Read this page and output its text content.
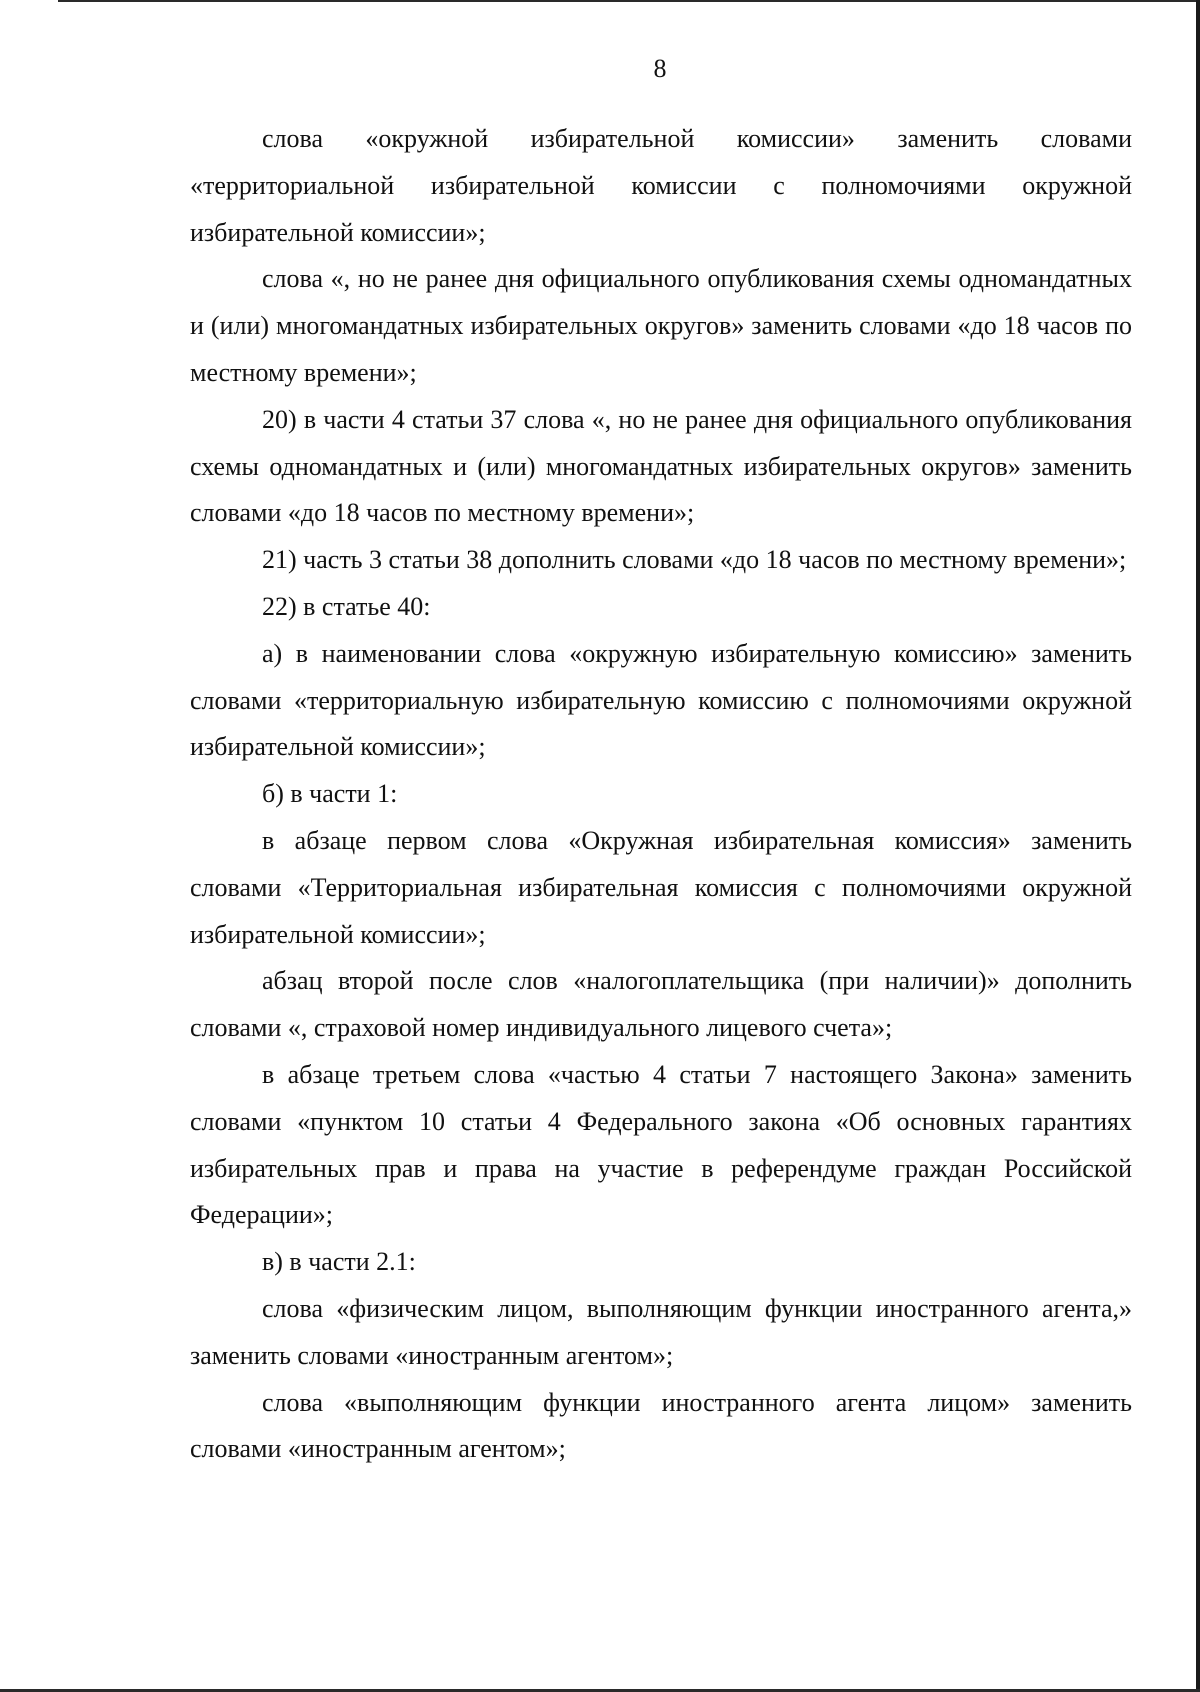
8

слова «окружной избирательной комиссии» заменить словами «территориальной избирательной комиссии с полномочиями окружной избирательной комиссии»;

слова «, но не ранее дня официального опубликования схемы одномандатных и (или) многомандатных избирательных округов» заменить словами «до 18 часов по местному времени»;

20) в части 4 статьи 37 слова «, но не ранее дня официального опубликования схемы одномандатных и (или) многомандатных избирательных округов» заменить словами «до 18 часов по местному времени»;

21) часть 3 статьи 38 дополнить словами «до 18 часов по местному времени»;

22) в статье 40:

а) в наименовании слова «окружную избирательную комиссию» заменить словами «территориальную избирательную комиссию с полномочиями окружной избирательной комиссии»;

б) в части 1:

в абзаце первом слова «Окружная избирательная комиссия» заменить словами «Территориальная избирательная комиссия с полномочиями окружной избирательной комиссии»;

абзац второй после слов «налогоплательщика (при наличии)» дополнить словами «, страховой номер индивидуального лицевого счета»;

в абзаце третьем слова «частью 4 статьи 7 настоящего Закона» заменить словами «пунктом 10 статьи 4 Федерального закона «Об основных гарантиях избирательных прав и права на участие в референдуме граждан Российской Федерации»;

в) в части 2.1:

слова «физическим лицом, выполняющим функции иностранного агента,» заменить словами «иностранным агентом»;

слова «выполняющим функции иностранного агента лицом» заменить словами «иностранным агентом»;
